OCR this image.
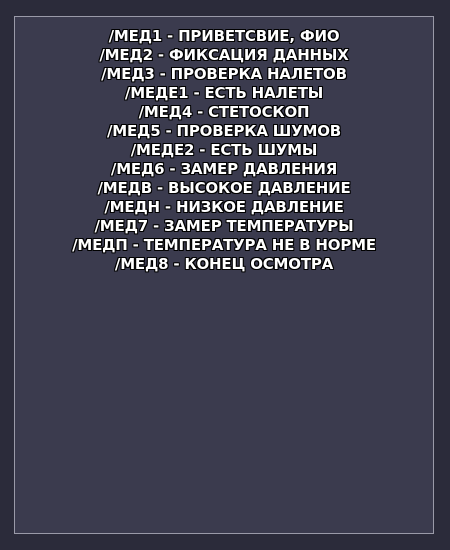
/МЕД1 - ПРИВЕТСВИЕ, ФИО
/МЕД2 - ФИКСАЦИЯ ДАННЫХ
/МЕД3 - ПРОВЕРКА НАЛЕТОВ
/МЕДЕ1 - ЕСТЬ НАЛЕТЫ
/МЕД4 - СТЕТОСКОП
/МЕД5 - ПРОВЕРКА ШУМОВ
/МЕДЕ2 - ЕСТЬ ШУМЫ
/МЕД6 - ЗАМЕР ДАВЛЕНИЯ
/МЕДВ - ВЫСОКОЕ ДАВЛЕНИЕ
/МЕДН - НИЗКОЕ ДАВЛЕНИЕ
/МЕД7 - ЗАМЕР ТЕМПЕРАТУРЫ
/МЕДП - ТЕМПЕРАТУРА НЕ В НОРМЕ
/МЕД8 - КОНЕЦ ОСМОТРА
